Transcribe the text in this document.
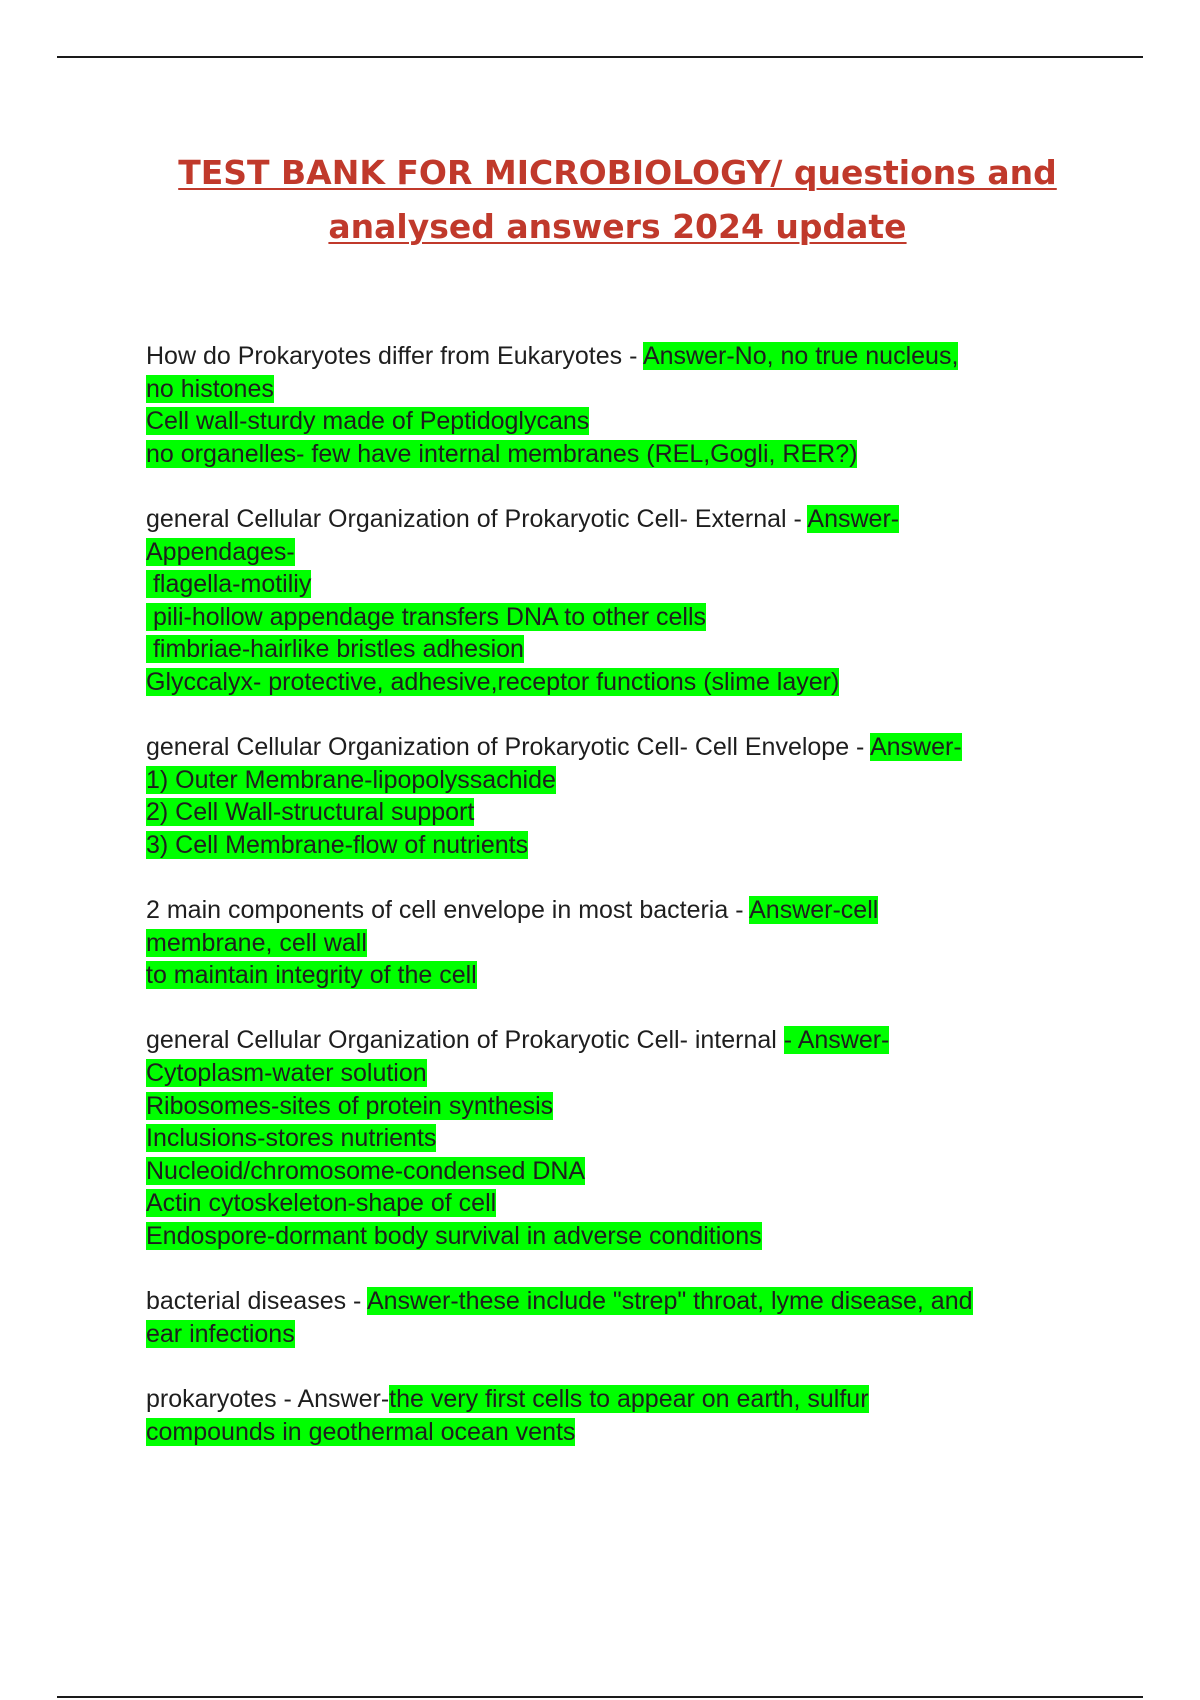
TEST BANK FOR MICROBIOLOGY/ questions and
analysed answers 2024 update
How do Prokaryotes differ from Eukaryotes - Answer-No, no true nucleus,
no histones
Cell wall-sturdy made of Peptidoglycans
no organelles- few have internal membranes (REL,Gogli, RER?)
general Cellular Organization of Prokaryotic Cell- External - Answer-
Appendages-
flagella-motiliy
pili-hollow appendage transfers DNA to other cells
fimbriae-hairlike bristles adhesion
Glyccalyx- protective, adhesive,receptor functions (slime layer)
general Cellular Organization of Prokaryotic Cell- Cell Envelope - Answer-
1) Outer Membrane-lipopolyssachide
2) Cell Wall-structural support
3) Cell Membrane-flow of nutrients
2 main components of cell envelope in most bacteria - Answer-cell
membrane, cell wall
to maintain integrity of the cell
general Cellular Organization of Prokaryotic Cell- internal - Answer-
Cytoplasm-water solution
Ribosomes-sites of protein synthesis
Inclusions-stores nutrients
Nucleoid/chromosome-condensed DNA
Actin cytoskeleton-shape of cell
Endospore-dormant body survival in adverse conditions
bacterial diseases - Answer-these include "strep" throat, lyme disease, and
ear infections
prokaryotes - Answer-the very first cells to appear on earth, sulfur
compounds in geothermal ocean vents
